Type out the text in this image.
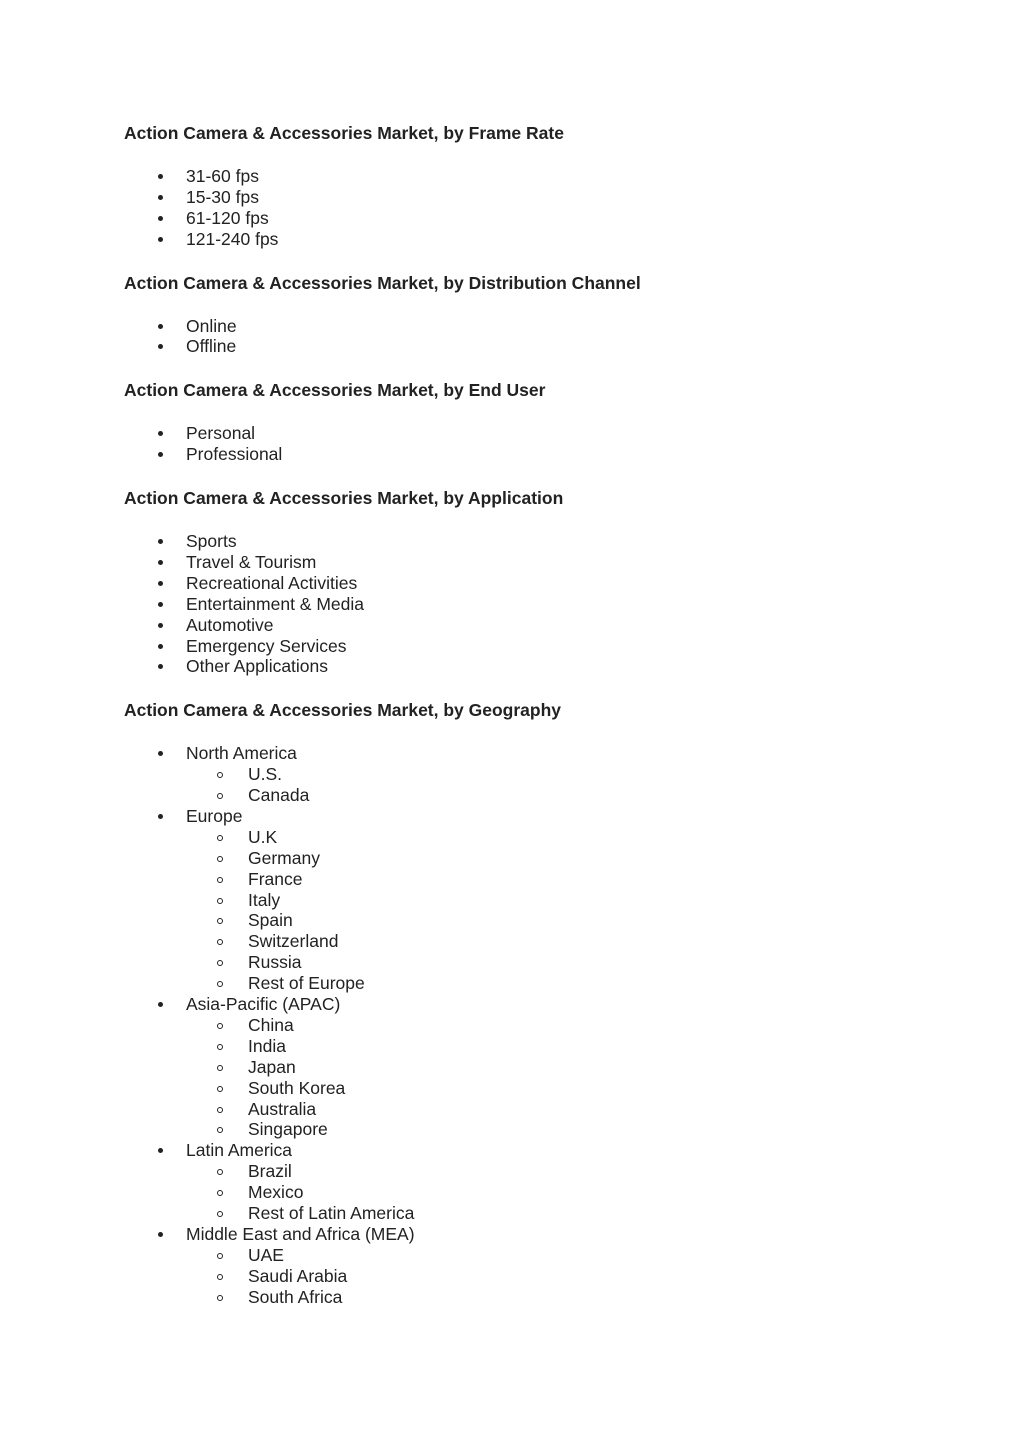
Action Camera & Accessories Market, by Frame Rate
31-60 fps
15-30 fps
61-120 fps
121-240 fps
Action Camera & Accessories Market, by Distribution Channel
Online
Offline
Action Camera & Accessories Market, by End User
Personal
Professional
Action Camera & Accessories Market, by Application
Sports
Travel & Tourism
Recreational Activities
Entertainment & Media
Automotive
Emergency Services
Other Applications
Action Camera & Accessories Market, by Geography
North America
U.S.
Canada
Europe
U.K
Germany
France
Italy
Spain
Switzerland
Russia
Rest of Europe
Asia-Pacific (APAC)
China
India
Japan
South Korea
Australia
Singapore
Latin America
Brazil
Mexico
Rest of Latin America
Middle East and Africa (MEA)
UAE
Saudi Arabia
South Africa
